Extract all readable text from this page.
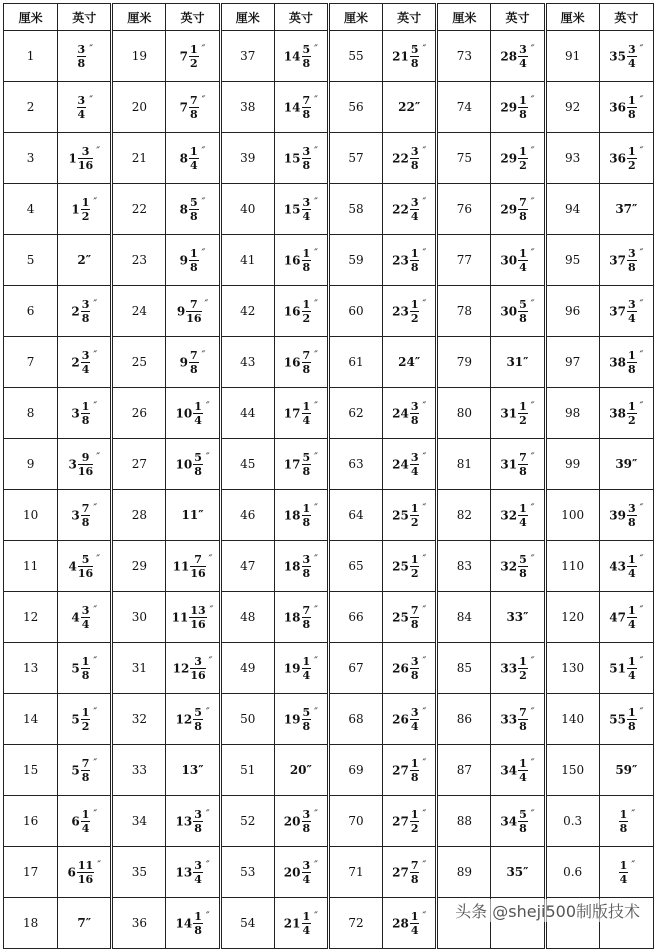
厘米	英寸	厘米	英寸	厘米	英寸	厘米	英寸	厘米	英寸	厘米	英寸
1	$\frac{3}{8} ''$	19	$7 \frac{1}{2} ''$	37	$14 \frac{5}{8} ''$	55	$21 \frac{5}{8} ''$	73	$28 \frac{3}{4} ''$	91	$35 \frac{3}{4} ''$
2	$\frac{3}{4} ''$	20	$7 \frac{7}{8} ''$	38	$14 \frac{7}{8} ''$	56	22″	74	$29 \frac{1}{8} ''$	92	$36 \frac{1}{8} ''$
3	$1 \frac{3}{16} ''$	21	$8 \frac{1}{4} ''$	39	$15 \frac{3}{8} ''$	57	$22 \frac{3}{8} ''$	75	$29 \frac{1}{2} ''$	93	$36 \frac{1}{2} ''$
4	$1 \frac{1}{2} ''$	22	$8 \frac{5}{8} ''$	40	$15 \frac{3}{4} ''$	58	$22 \frac{3}{4} ''$	76	$29 \frac{7}{8} ''$	94	37″
5	2″	23	$9 \frac{1}{8} ''$	41	$16 \frac{1}{8} ''$	59	$23 \frac{1}{8} ''$	77	$30 \frac{1}{4} ''$	95	$37 \frac{3}{8} ''$
6	$2 \frac{3}{8} ''$	24	$9 \frac{7}{16} ''$	42	$16 \frac{1}{2} ''$	60	$23 \frac{1}{2} ''$	78	$30 \frac{5}{8} ''$	96	$37 \frac{3}{4} ''$
7	$2 \frac{3}{4} ''$	25	$9 \frac{7}{8} ''$	43	$16 \frac{7}{8} ''$	61	24″	79	31″	97	$38 \frac{1}{8} ''$
8	$3 \frac{1}{8} ''$	26	$10 \frac{1}{4} ''$	44	$17 \frac{1}{4} ''$	62	$24 \frac{3}{8} ''$	80	$31 \frac{1}{2} ''$	98	$38 \frac{1}{2} ''$
9	$3 \frac{9}{16} ''$	27	$10 \frac{5}{8} ''$	45	$17 \frac{5}{8} ''$	63	$24 \frac{3}{4} ''$	81	$31 \frac{7}{8} ''$	99	39″
10	$3 \frac{7}{8} ''$	28	11″	46	$18 \frac{1}{8} ''$	64	$25 \frac{1}{2} ''$	82	$32 \frac{1}{4} ''$	100	$39 \frac{3}{8} ''$
11	$4 \frac{5}{16} ''$	29	$11 \frac{7}{16} ''$	47	$18 \frac{3}{8} ''$	65	$25 \frac{1}{2} ''$	83	$32 \frac{5}{8} ''$	110	$43 \frac{1}{4} ''$
12	$4 \frac{3}{4} ''$	30	$11 \frac{13}{16} ''$	48	$18 \frac{7}{8} ''$	66	$25 \frac{7}{8} ''$	84	33″	120	$47 \frac{1}{4} ''$
13	$5 \frac{1}{8} ''$	31	$12 \frac{3}{16} ''$	49	$19 \frac{1}{4} ''$	67	$26 \frac{3}{8} ''$	85	$33 \frac{1}{2} ''$	130	$51 \frac{1}{4} ''$
14	$5 \frac{1}{2} ''$	32	$12 \frac{5}{8} ''$	50	$19 \frac{5}{8} ''$	68	$26 \frac{3}{4} ''$	86	$33 \frac{7}{8} ''$	140	$55 \frac{1}{8} ''$
15	$5 \frac{7}{8} ''$	33	13″	51	20″	69	$27 \frac{1}{8} ''$	87	$34 \frac{1}{4} ''$	150	59″
16	$6 \frac{1}{4} ''$	34	$13 \frac{3}{8} ''$	52	$20 \frac{3}{8} ''$	70	$27 \frac{1}{2} ''$	88	$34 \frac{5}{8} ''$	0.3	$\frac{1}{8} ''$
17	$6 \frac{11}{16} ''$	35	$13 \frac{3}{4} ''$	53	$20 \frac{3}{4} ''$	71	$27 \frac{7}{8} ''$	89	35″	0.6	$\frac{1}{4} ''$
18	7″	36	$14 \frac{1}{8} ''$	54	$21 \frac{1}{4} ''$	72	$28 \frac{1}{4} ''$				头条 @sheji500制版技术
